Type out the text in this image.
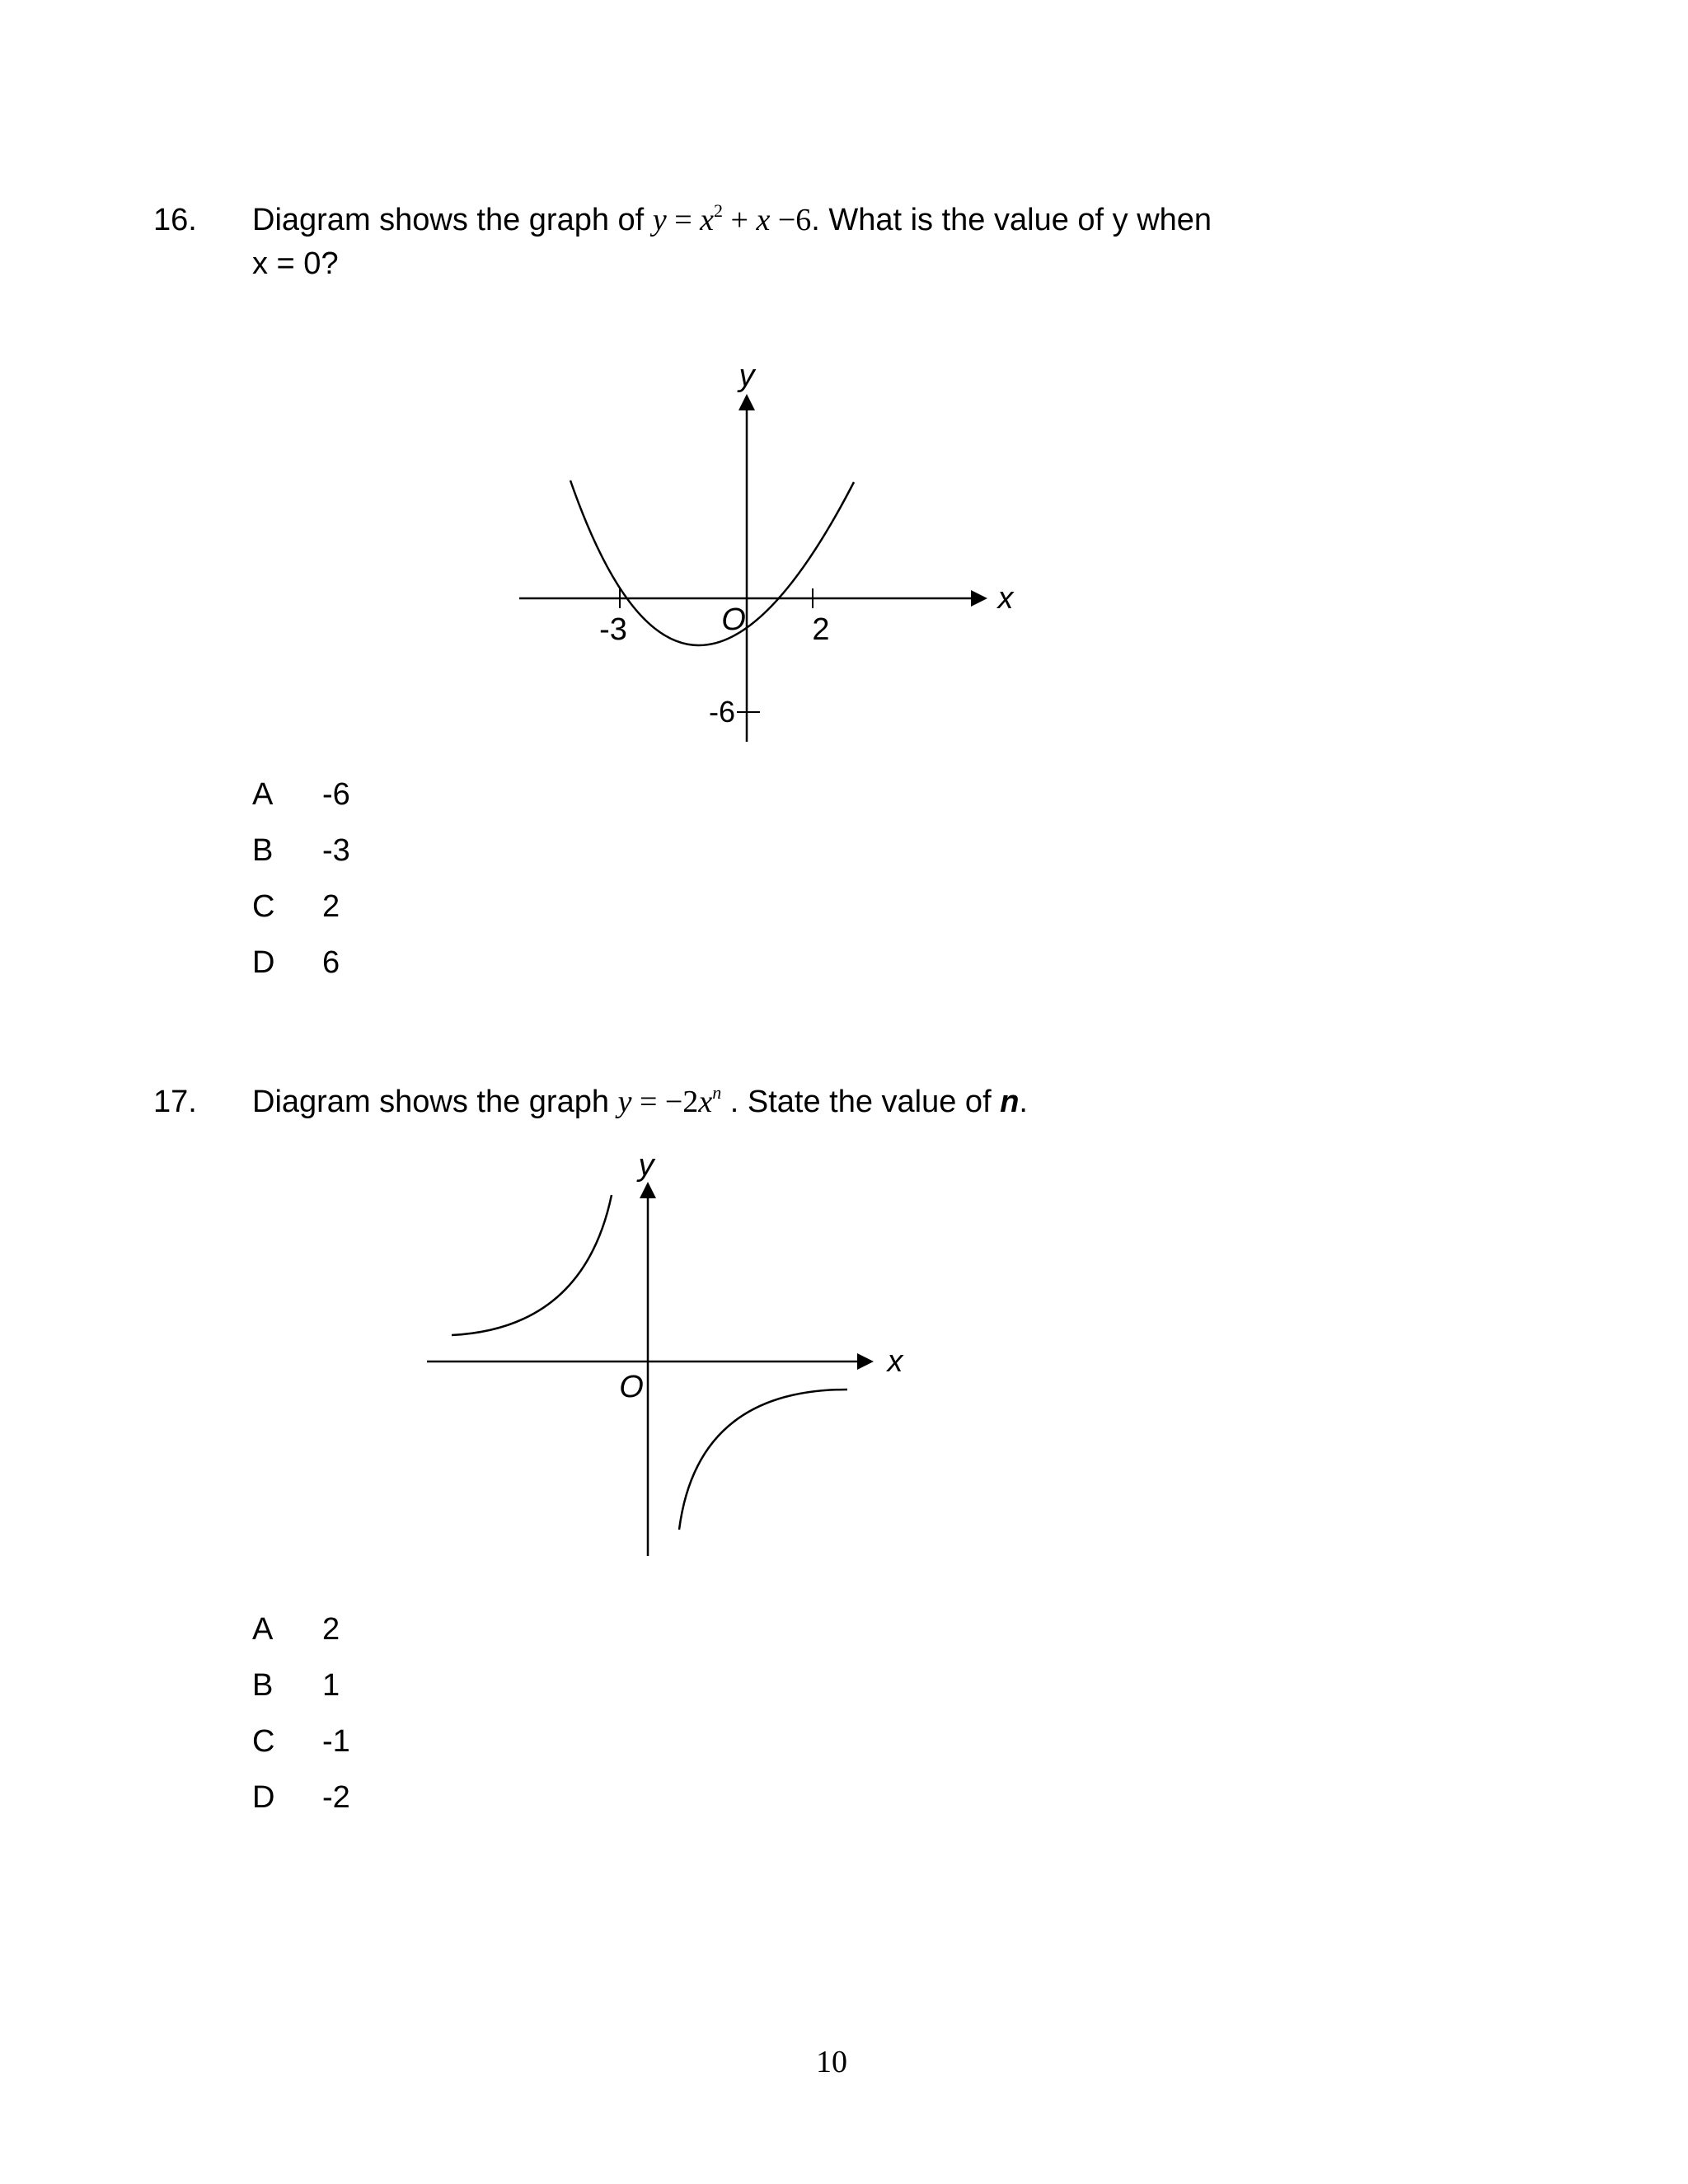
16. Diagram shows the graph of $y = x^2 + x -6$. What is the value of y when
x = 0?
y
x
O
-3	2
-6
A	-6
B	-3
C	2
D	6
17. Diagram shows the graph $y = -2x^n$ . State the value of n.
y
x
O
A	2
B	1
C	-1
D	-2
10
